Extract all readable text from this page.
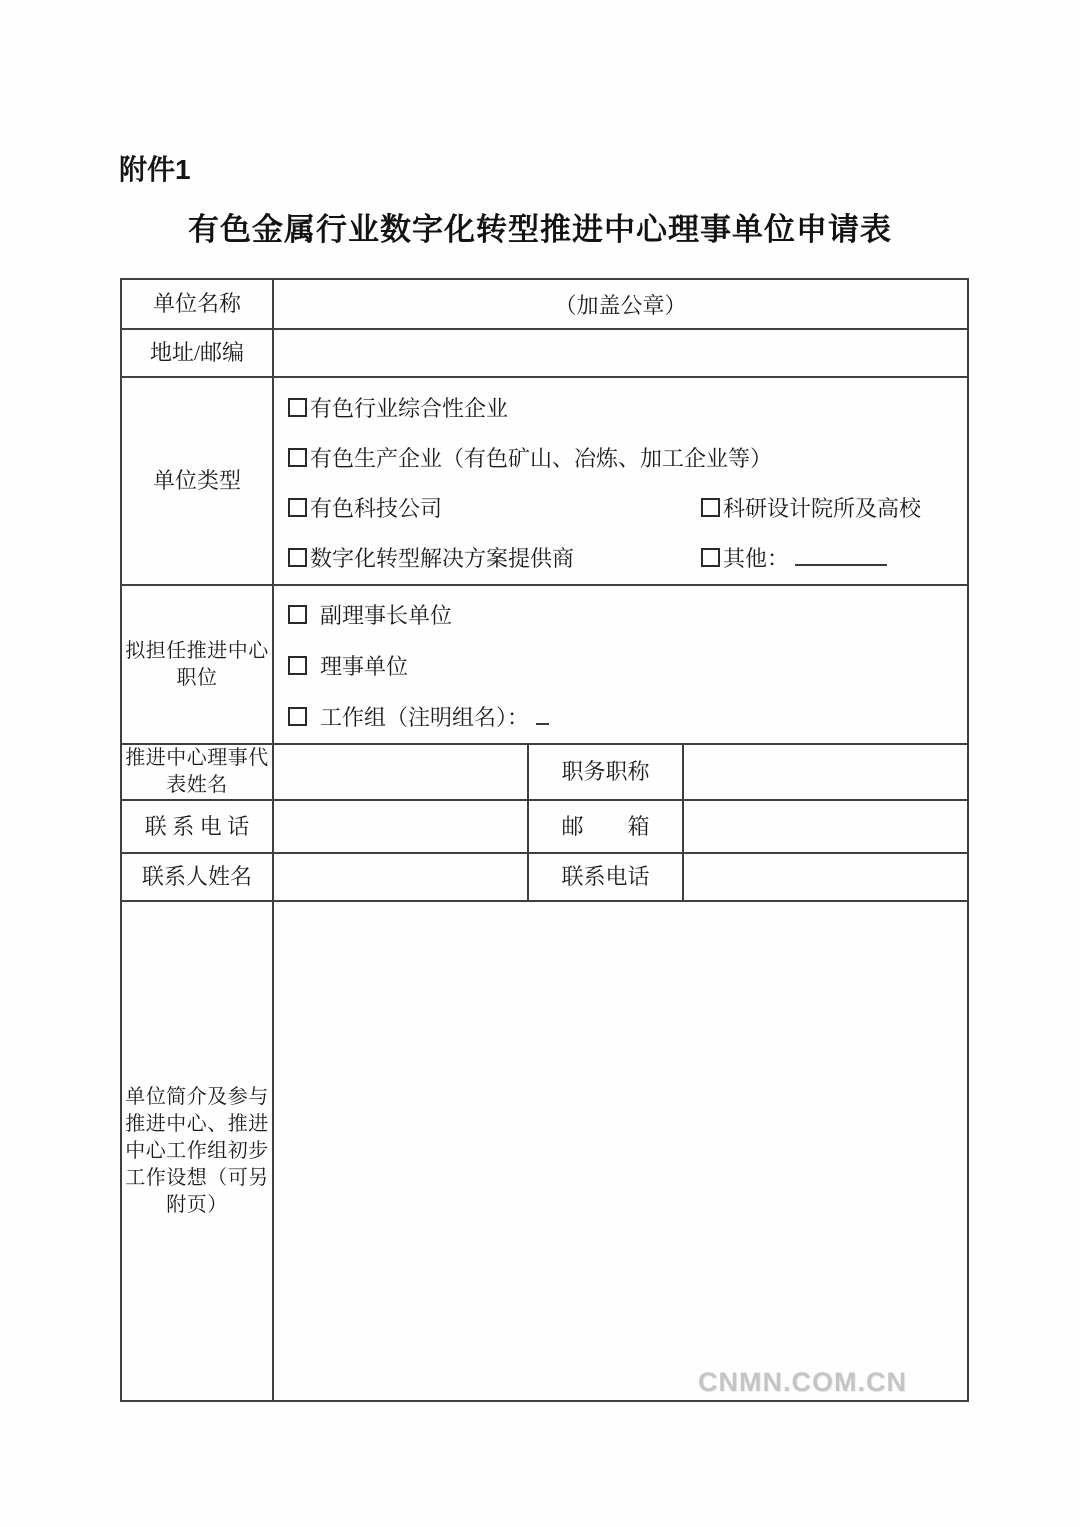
附件1
有色金属行业数字化转型推进中心理事单位申请表
单位名称	（加盖公章）		
地址/邮编			
单位类型	
有色行业综合性企业
有色生产企业（有色矿山、冶炼、加工企业等）
有色科技公司	科研设计院所及高校
数字化转型解决方案提供商	其他：

拟担任推进中心职位	副理事长单位
理事单位
工作组（注明组名）：		

推进中心理事代表姓名		职务职称	
联 系 电 话		邮　　箱	
联系人姓名		联系电话	
单位简介及参与推进中心、推进中心工作组初步工作设想（可另附页）	CNMN.COM.CN		
